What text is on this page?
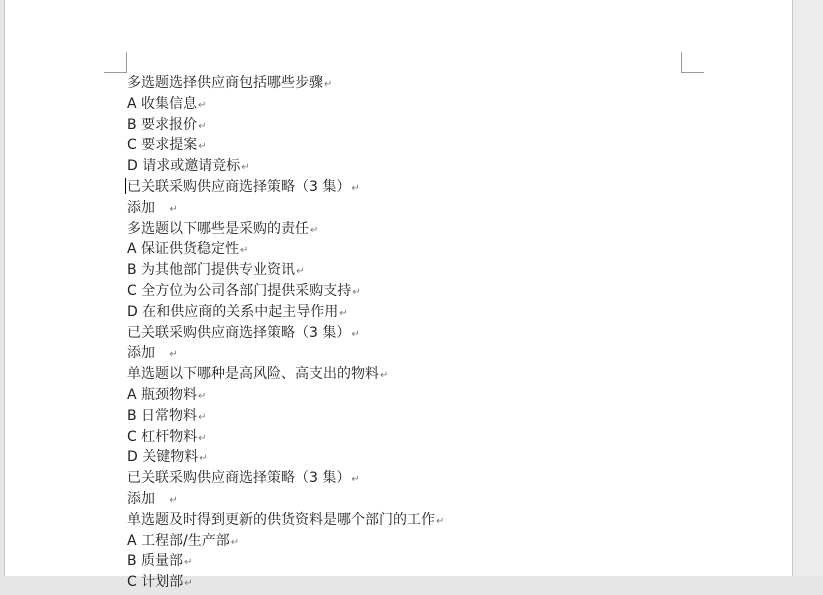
多选题选择供应商包括哪些步骤↵
A 收集信息↵
B 要求报价↵
C 要求提案↵
D 请求或邀请竞标↵
已关联采购供应商选择策略（3 集）↵
添加   ↵
多选题以下哪些是采购的责任↵
A 保证供货稳定性↵
B 为其他部门提供专业资讯↵
C 全方位为公司各部门提供采购支持↵
D 在和供应商的关系中起主导作用↵
已关联采购供应商选择策略（3 集）↵
添加   ↵
单选题以下哪种是高风险、高支出的物料↵
A 瓶颈物料↵
B 日常物料↵
C 杠杆物料↵
D 关键物料↵
已关联采购供应商选择策略（3 集）↵
添加   ↵
单选题及时得到更新的供货资料是哪个部门的工作↵
A 工程部/生产部↵
B 质量部↵
C 计划部↵
